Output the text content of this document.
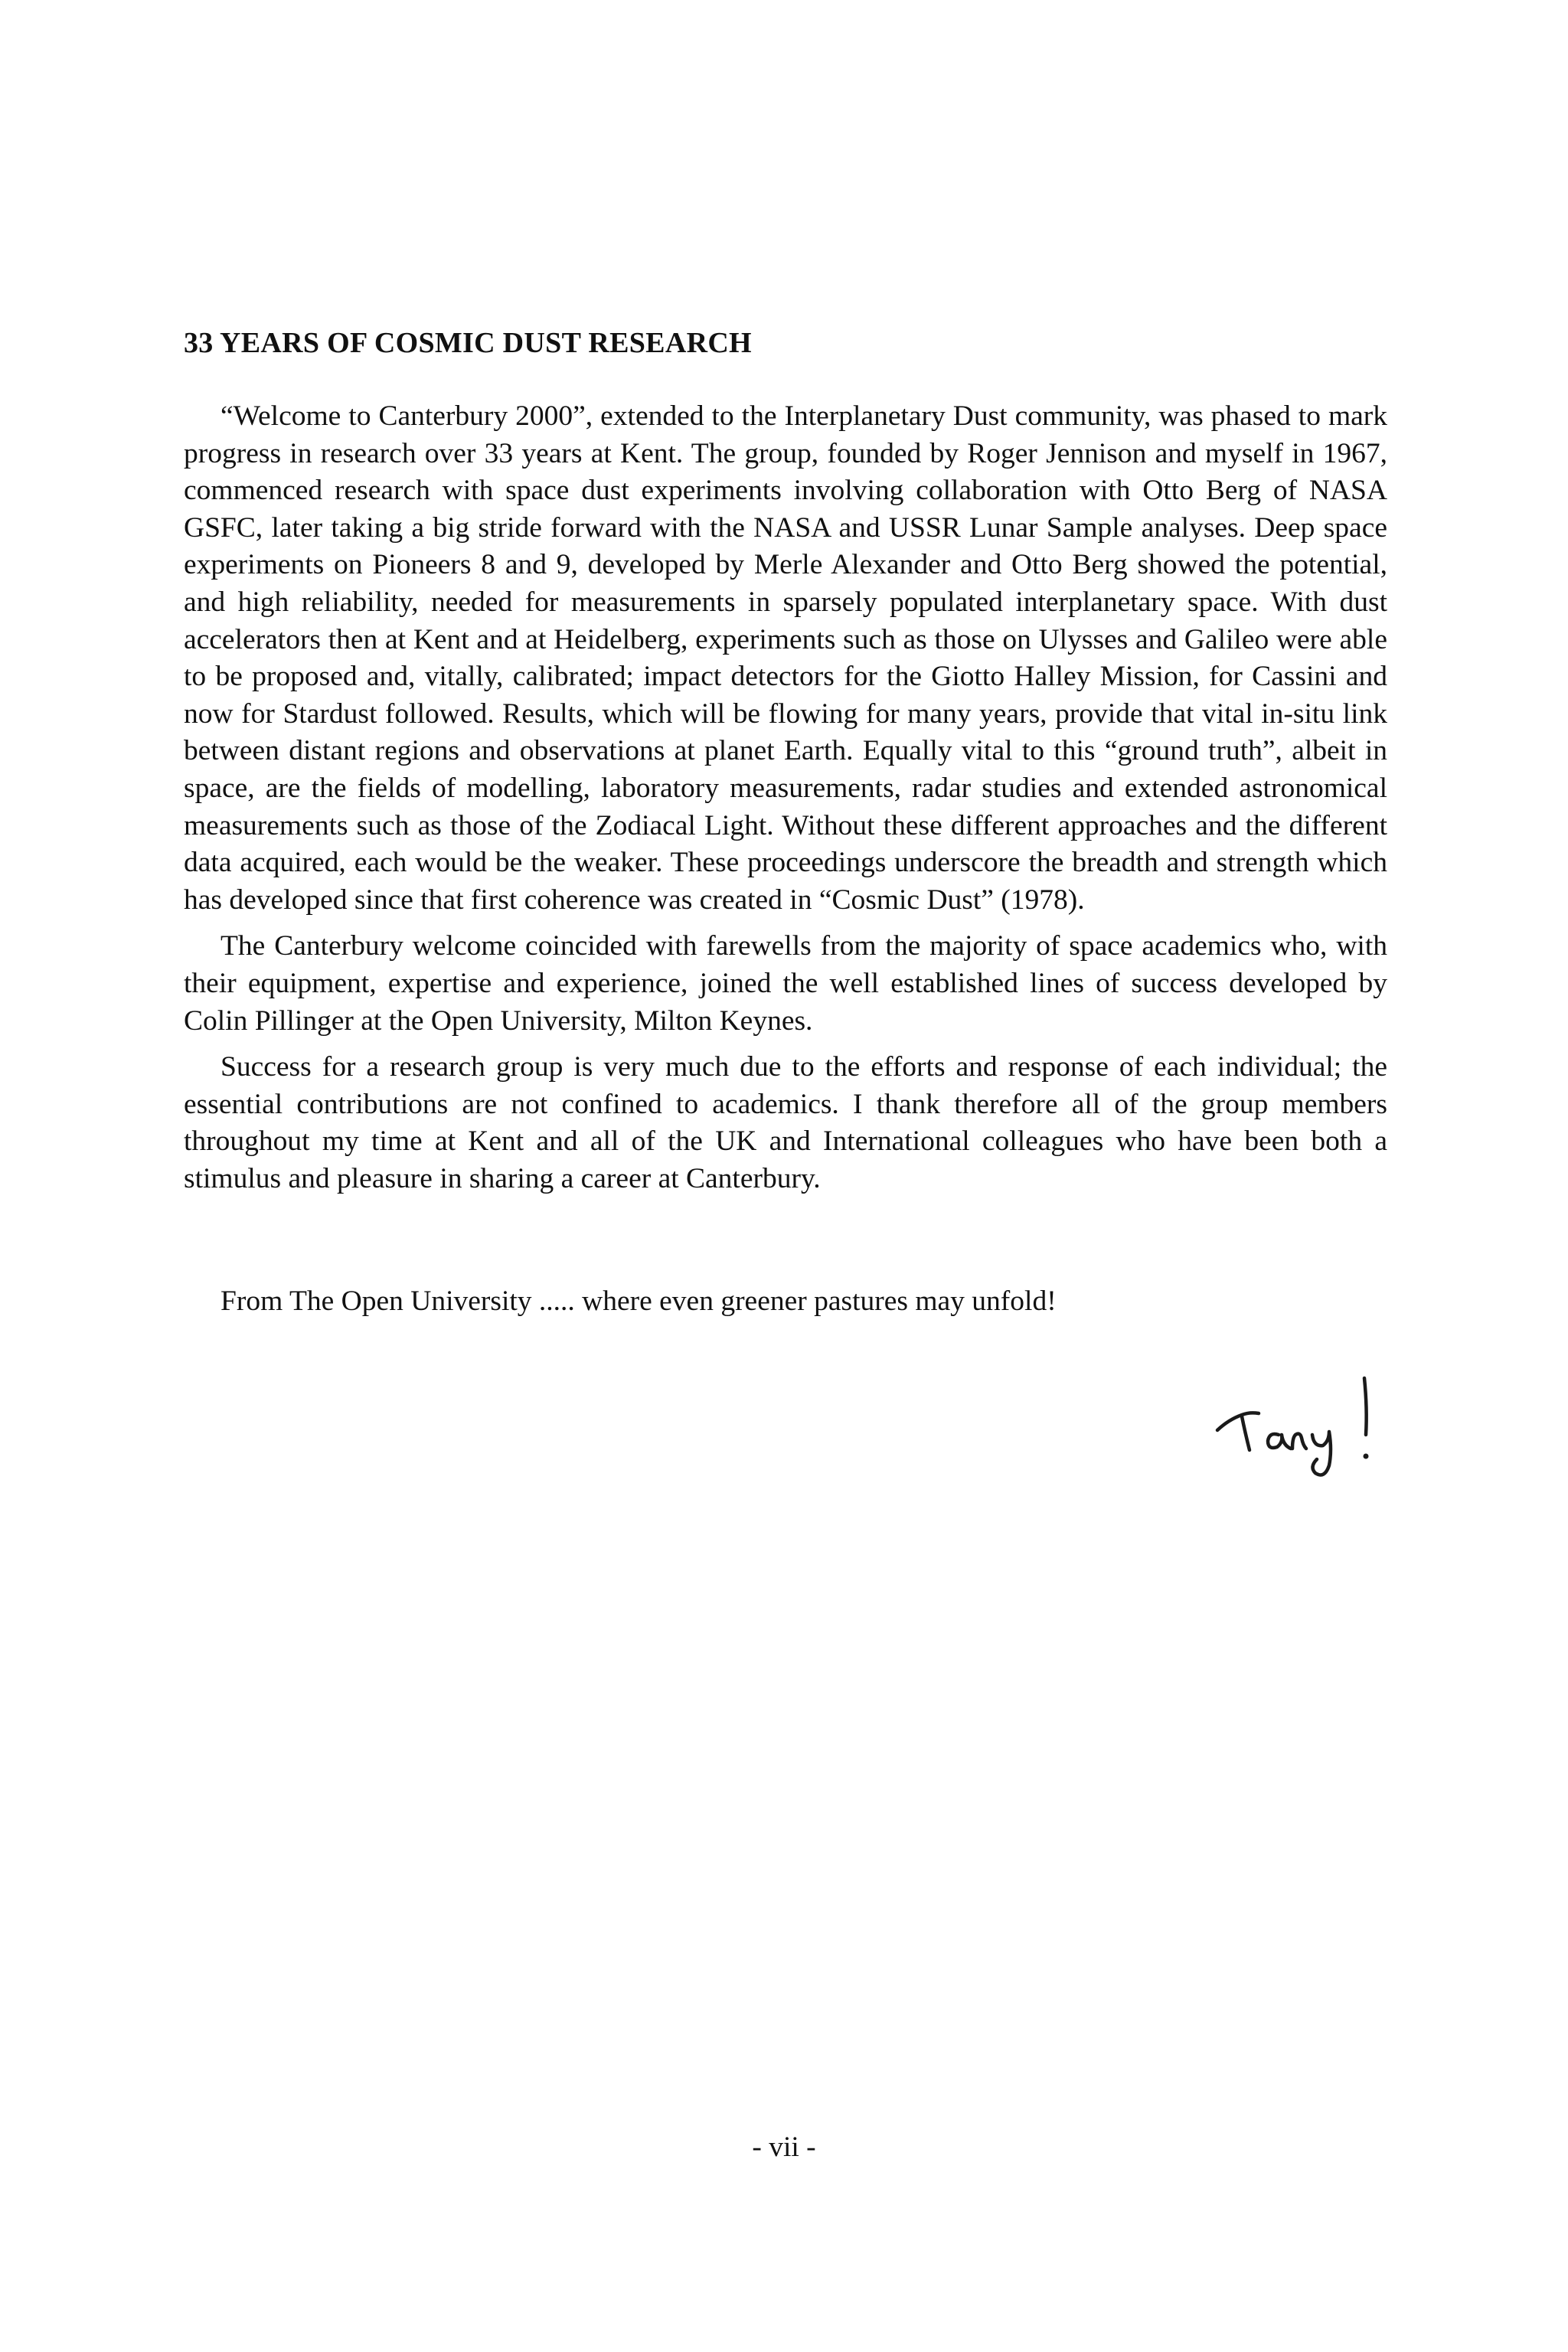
33 YEARS OF COSMIC DUST RESEARCH

“Welcome to Canterbury 2000”, extended to the Interplanetary Dust community, was phased to mark progress in research over 33 years at Kent. The group, founded by Roger Jennison and myself in 1967, commenced research with space dust experiments involving collaboration with Otto Berg of NASA GSFC, later taking a big stride forward with the NASA and USSR Lunar Sample analyses. Deep space experiments on Pioneers 8 and 9, developed by Merle Alexander and Otto Berg showed the potential, and high reliability, needed for measurements in sparsely populated interplanetary space. With dust accelerators then at Kent and at Heidelberg, experiments such as those on Ulysses and Galileo were able to be proposed and, vitally, calibrated; impact detectors for the Giotto Halley Mission, for Cassini and now for Stardust followed. Results, which will be flowing for many years, provide that vital in-situ link between distant regions and observations at planet Earth. Equally vital to this “ground truth”, albeit in space, are the fields of modelling, laboratory measurements, radar studies and extended astronomical measurements such as those of the Zodiacal Light. Without these different approaches and the different data acquired, each would be the weaker. These proceedings underscore the breadth and strength which has developed since that first coherence was created in “Cosmic Dust” (1978).

The Canterbury welcome coincided with farewells from the majority of space academics who, with their equipment, expertise and experience, joined the well established lines of success developed by Colin Pillinger at the Open University, Milton Keynes.

Success for a research group is very much due to the efforts and response of each individual; the essential contributions are not confined to academics. I thank therefore all of the group members throughout my time at Kent and all of the UK and International colleagues who have been both a stimulus and pleasure in sharing a career at Canterbury.

From The Open University ..... where even greener pastures may unfold!
- vii -
